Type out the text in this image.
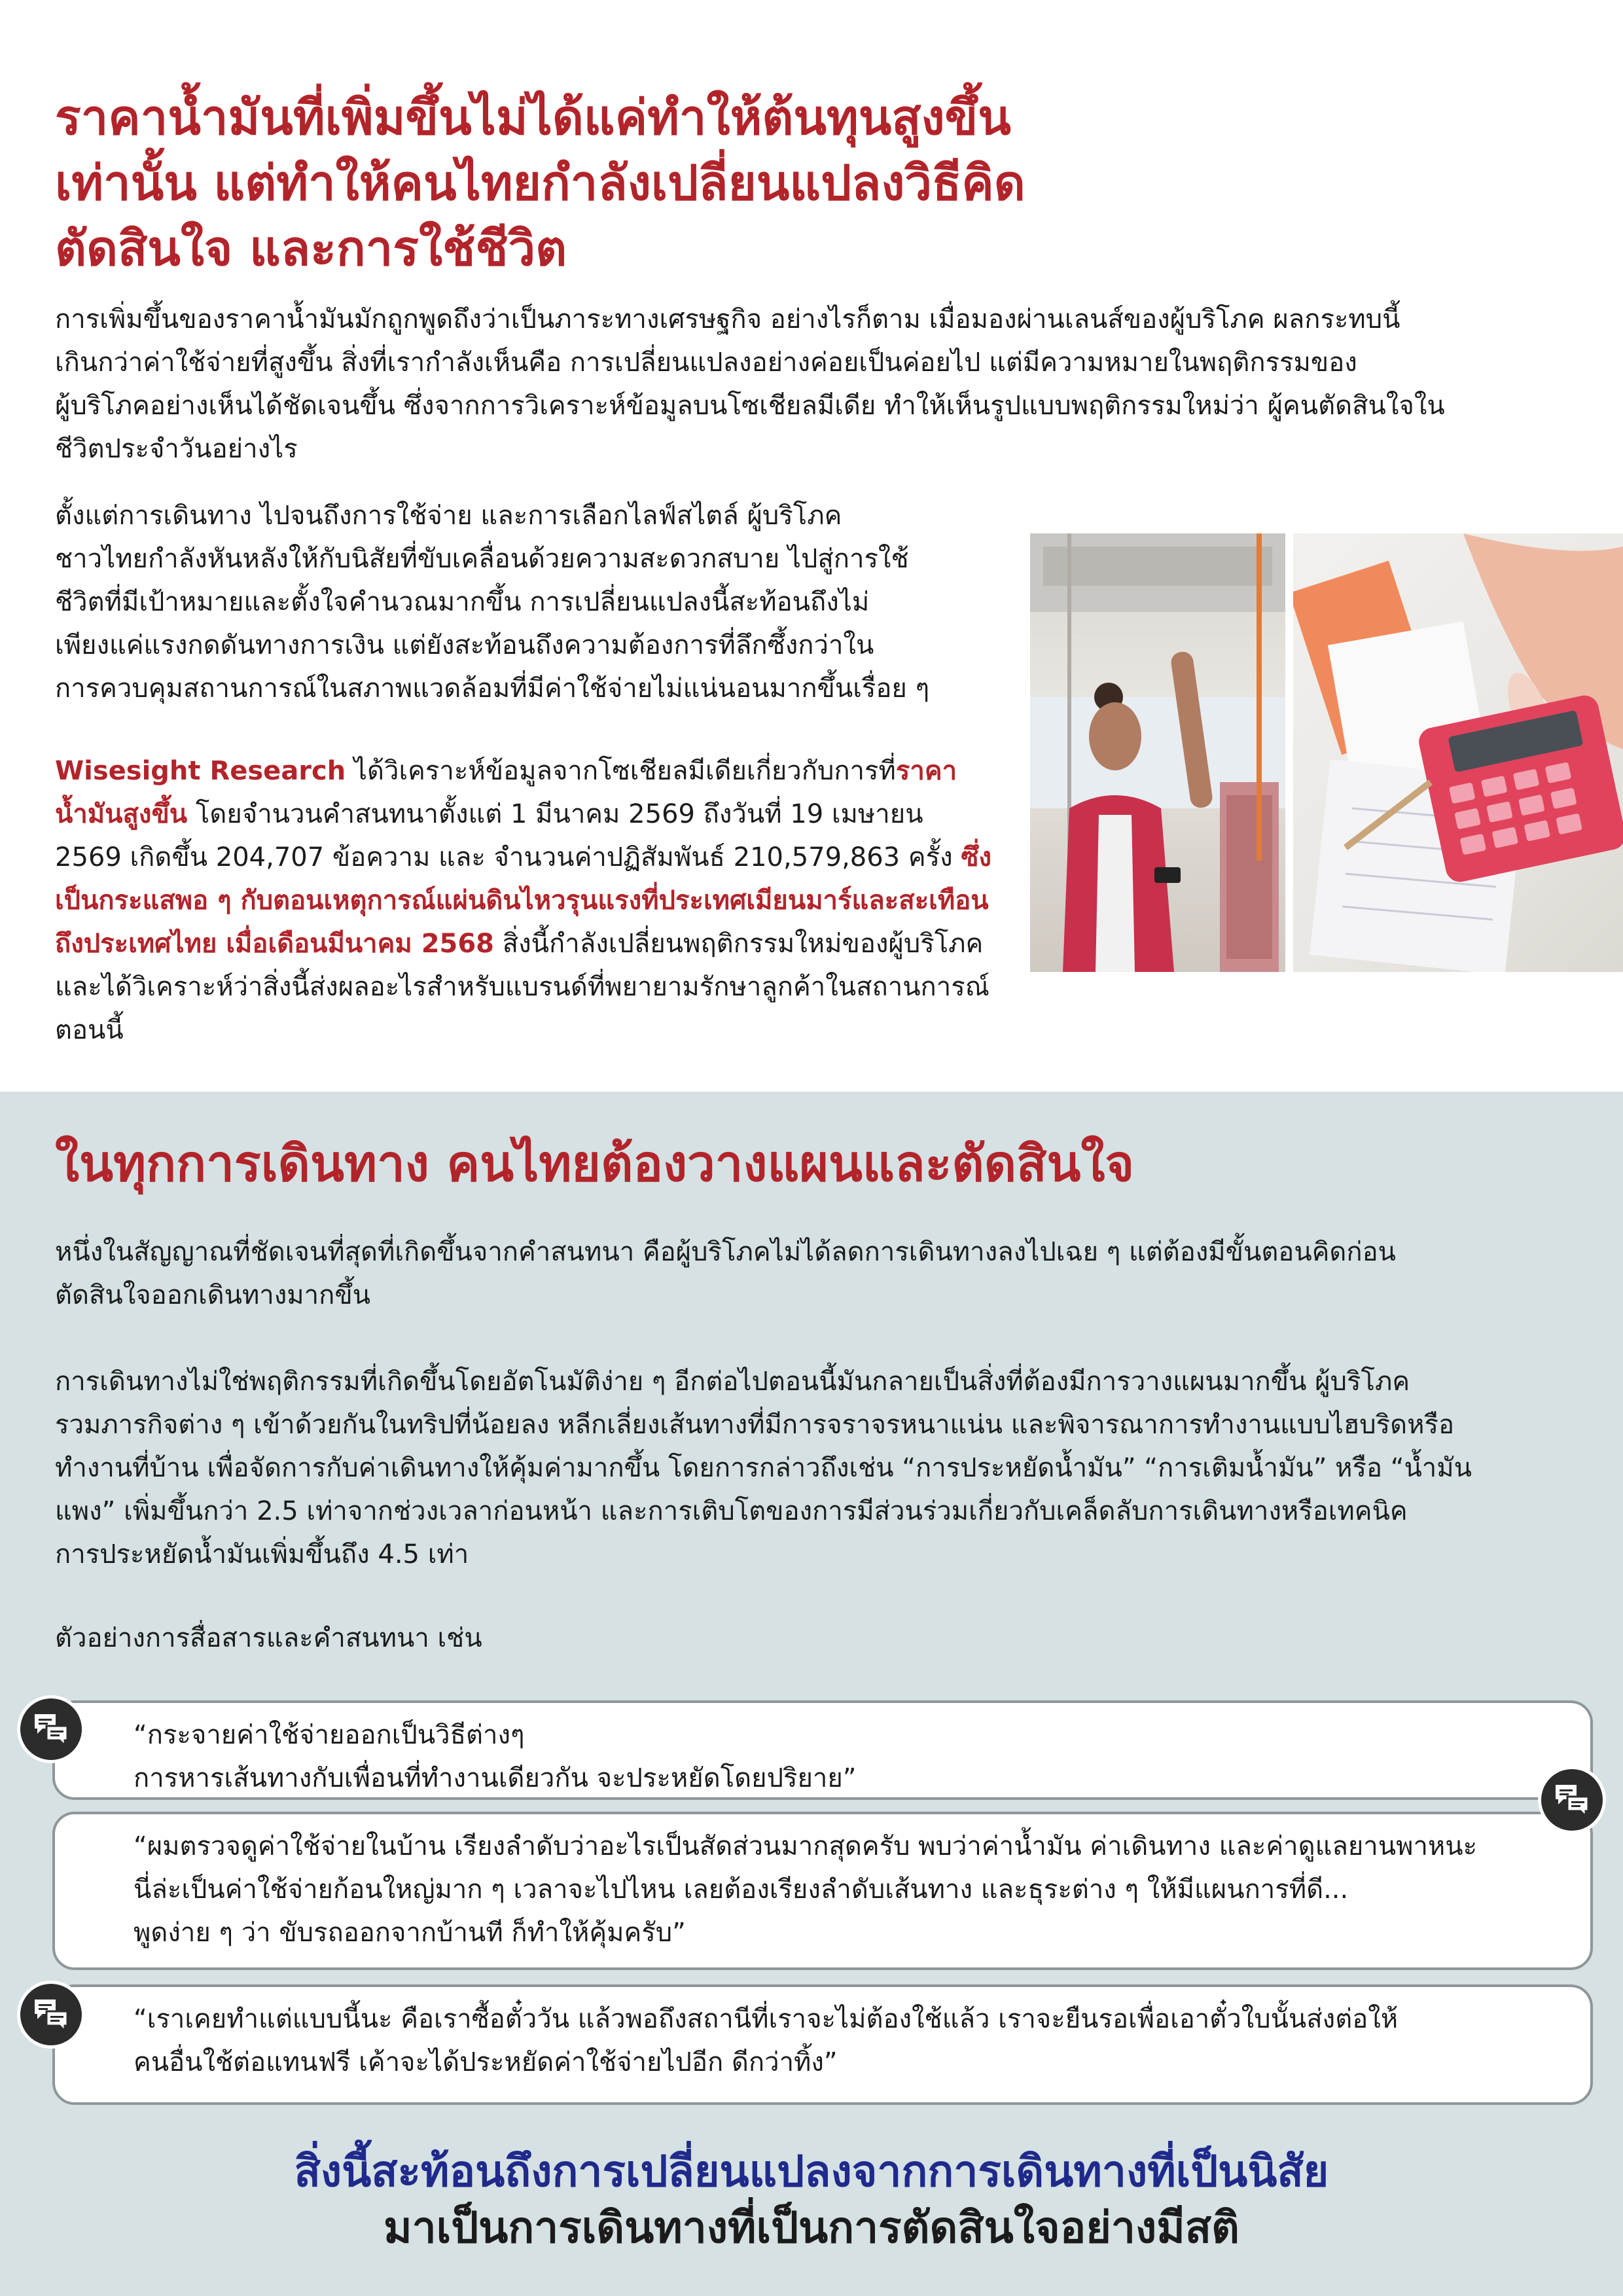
ราคาน้ำมันที่เพิ่มขึ้นไม่ได้แค่ทำให้ต้นทุนสูงขึ้น
เท่านั้น แต่ทำให้คนไทยกำลังเปลี่ยนแปลงวิธีคิด
ตัดสินใจ และการใช้ชีวิต

การเพิ่มขึ้นของราคาน้ำมันมักถูกพูดถึงว่าเป็นภาระทางเศรษฐกิจ อย่างไรก็ตาม เมื่อมองผ่านเลนส์ของผู้บริโภค ผลกระทบนี้
เกินกว่าค่าใช้จ่ายที่สูงขึ้น สิ่งที่เรากำลังเห็นคือ การเปลี่ยนแปลงอย่างค่อยเป็นค่อยไป แต่มีความหมายในพฤติกรรมของ
ผู้บริโภคอย่างเห็นได้ชัดเจนขึ้น ซึ่งจากการวิเคราะห์ข้อมูลบนโซเชียลมีเดีย ทำให้เห็นรูปแบบพฤติกรรมใหม่ว่า ผู้คนตัดสินใจใน
ชีวิตประจำวันอย่างไร

ตั้งแต่การเดินทาง ไปจนถึงการใช้จ่าย และการเลือกไลฟ์สไตล์ ผู้บริโภค
ชาวไทยกำลังหันหลังให้กับนิสัยที่ขับเคลื่อนด้วยความสะดวกสบาย ไปสู่การใช้
ชีวิตที่มีเป้าหมายและตั้งใจคำนวณมากขึ้น การเปลี่ยนแปลงนี้สะท้อนถึงไม่
เพียงแค่แรงกดดันทางการเงิน แต่ยังสะท้อนถึงความต้องการที่ลึกซึ้งกว่าใน
การควบคุมสถานการณ์ในสภาพแวดล้อมที่มีค่าใช้จ่ายไม่แน่นอนมากขึ้นเรื่อย ๆ

Wisesight Research ได้วิเคราะห์ข้อมูลจากโซเชียลมีเดียเกี่ยวกับการที่ราคาน้ำมันสูงขึ้น โดยจำนวนคำสนทนาตั้งแต่ 1 มีนาคม 2569 ถึงวันที่ 19 เมษายน 2569 เกิดขึ้น 204,707 ข้อความ และ จำนวนค่าปฏิสัมพันธ์ 210,579,863 ครั้ง ซึ่งเป็นกระแสพอ ๆ กับตอนเหตุการณ์แผ่นดินไหวรุนแรงที่ประเทศเมียนมาร์และสะเทือนถึงประเทศไทย เมื่อเดือนมีนาคม 2568 สิ่งนี้กำลังเปลี่ยนพฤติกรรมใหม่ของผู้บริโภค และได้วิเคราะห์ว่าสิ่งนี้ส่งผลอะไรสำหรับแบรนด์ที่พยายามรักษาลูกค้าในสถานการณ์ตอนนี้

ในทุกการเดินทาง คนไทยต้องวางแผนและตัดสินใจ

หนึ่งในสัญญาณที่ชัดเจนที่สุดที่เกิดขึ้นจากคำสนทนา คือผู้บริโภคไม่ได้ลดการเดินทางลงไปเฉย ๆ แต่ต้องมีขั้นตอนคิดก่อน
ตัดสินใจออกเดินทางมากขึ้น

การเดินทางไม่ใช่พฤติกรรมที่เกิดขึ้นโดยอัตโนมัติง่าย ๆ อีกต่อไปตอนนี้มันกลายเป็นสิ่งที่ต้องมีการวางแผนมากขึ้น ผู้บริโภค
รวมภารกิจต่าง ๆ เข้าด้วยกันในทริปที่น้อยลง หลีกเลี่ยงเส้นทางที่มีการจราจรหนาแน่น และพิจารณาการทำงานแบบไฮบริดหรือ
ทำงานที่บ้าน เพื่อจัดการกับค่าเดินทางให้คุ้มค่ามากขึ้น โดยการกล่าวถึงเช่น “การประหยัดน้ำมัน” “การเติมน้ำมัน” หรือ “น้ำมัน
แพง” เพิ่มขึ้นกว่า 2.5 เท่าจากช่วงเวลาก่อนหน้า และการเติบโตของการมีส่วนร่วมเกี่ยวกับเคล็ดลับการเดินทางหรือเทคนิค
การประหยัดน้ำมันเพิ่มขึ้นถึง 4.5 เท่า

ตัวอย่างการสื่อสารและคำสนทนา เช่น

“กระจายค่าใช้จ่ายออกเป็นวิธีต่างๆ
การหารเส้นทางกับเพื่อนที่ทำงานเดียวกัน จะประหยัดโดยปริยาย”
“ผมตรวจดูค่าใช้จ่ายในบ้าน เรียงลำดับว่าอะไรเป็นสัดส่วนมากสุดครับ พบว่าค่าน้ำมัน ค่าเดินทาง และค่าดูแลยานพาหนะ
นี่ล่ะเป็นค่าใช้จ่ายก้อนใหญ่มาก ๆ เวลาจะไปไหน เลยต้องเรียงลำดับเส้นทาง และธุระต่าง ๆ ให้มีแผนการที่ดี...
พูดง่าย ๆ ว่า ขับรถออกจากบ้านที ก็ทำให้คุ้มครับ”
“เราเคยทำแต่แบบนี้นะ คือเราซื้อตั๋ววัน แล้วพอถึงสถานีที่เราจะไม่ต้องใช้แล้ว เราจะยืนรอเพื่อเอาตั๋วใบนั้นส่งต่อให้
คนอื่นใช้ต่อแทนฟรี เค้าจะได้ประหยัดค่าใช้จ่ายไปอีก ดีกว่าทิ้ง”

สิ่งนี้สะท้อนถึงการเปลี่ยนแปลงจากการเดินทางที่เป็นนิสัย
มาเป็นการเดินทางที่เป็นการตัดสินใจอย่างมีสติ
